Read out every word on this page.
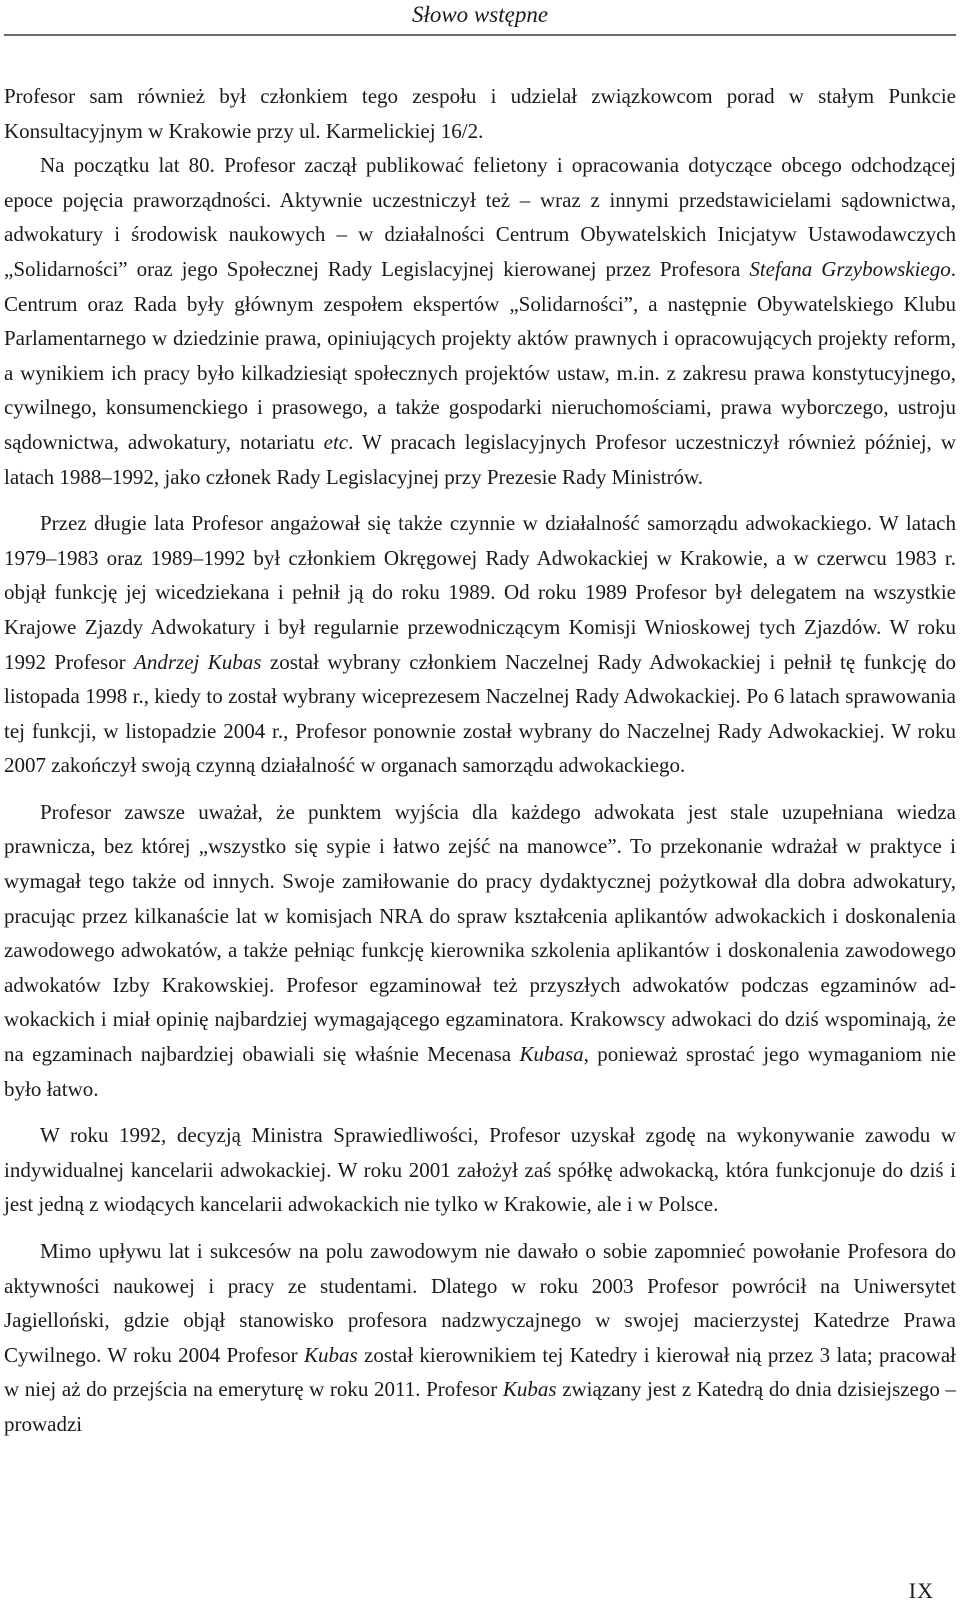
Słowo wstępne

Profesor sam również był członkiem tego zespołu i udzielał związkowcom porad w stałym Punkcie Konsultacyjnym w Krakowie przy ul. Karmelickiej 16/2.

Na początku lat 80. Profesor zaczął publikować felietony i opracowania dotyczące obcego odchodzącej epoce pojęcia praworządności. Aktywnie uczestniczył też – wraz z innymi przedstawicielami sądownictwa, adwokatury i środowisk naukowych – w działalności Centrum Obywatelskich Inicjatyw Ustawodawczych „Solidarności” oraz jego Społecznej Rady Legislacyjnej kierowanej przez Profesora Stefana Grzybowskiego. Centrum oraz Rada były głównym zespołem ekspertów „Solidarności”, a następnie Obywatelskiego Klubu Parlamentarnego w dziedzinie prawa, opiniujących projekty aktów prawnych i opracowujących projekty reform, a wynikiem ich pracy było kilkadziesiąt społecznych projektów ustaw, m.in. z zakresu prawa konstytucyjnego, cywilnego, konsumenckiego i prasowego, a także gospodarki nieruchomościami, prawa wyborczego, ustroju sądownictwa, adwokatury, notariatu etc. W pracach legislacyjnych Profesor uczestniczył również później, w latach 1988–1992, jako członek Rady Legislacyjnej przy Prezesie Rady Ministrów.

Przez długie lata Profesor angażował się także czynnie w działalność samorządu adwokackiego. W latach 1979–1983 oraz 1989–1992 był członkiem Okręgowej Rady Adwokackiej w Krakowie, a w czerwcu 1983 r. objął funkcję jej wicedziekana i pełnił ją do roku 1989. Od roku 1989 Profesor był delegatem na wszystkie Krajowe Zjazdy Adwokatury i był regularnie przewodniczącym Komisji Wnioskowej tych Zjazdów. W roku 1992 Profesor Andrzej Kubas został wybrany członkiem Naczelnej Rady Adwokackiej i pełnił tę funkcję do listopada 1998 r., kiedy to został wybrany wiceprezesem Naczelnej Rady Adwokackiej. Po 6 latach sprawowania tej funkcji, w listopadzie 2004 r., Profesor ponownie został wybrany do Naczelnej Rady Adwokackiej. W roku 2007 zakończył swoją czynną działalność w organach samorządu adwokackiego.

Profesor zawsze uważał, że punktem wyjścia dla każdego adwokata jest stale uzupełniana wiedza prawnicza, bez której „wszystko się sypie i łatwo zejść na manowce”. To przekonanie wdrażał w praktyce i wymagał tego także od innych. Swoje zamiłowanie do pracy dydaktycznej pożytkował dla dobra adwokatury, pracując przez kilkanaście lat w komisjach NRA do spraw kształcenia aplikantów adwokackich i doskonalenia zawodowego adwokatów, a także pełniąc funkcję kierownika szkolenia aplikantów i doskonalenia zawodowego adwokatów Izby Krakowskiej. Profesor egzaminował też przyszłych adwokatów podczas egzaminów adwokackich i miał opinię najbardziej wymagającego egzaminatora. Krakowscy adwokaci do dziś wspominają, że na egzaminach najbardziej obawiali się właśnie Mecenasa Kubasa, ponieważ sprostać jego wymaganiom nie było łatwo.

W roku 1992, decyzją Ministra Sprawiedliwości, Profesor uzyskał zgodę na wykonywanie zawodu w indywidualnej kancelarii adwokackiej. W roku 2001 założył zaś spółkę adwokacką, która funkcjonuje do dziś i jest jedną z wiodących kancelarii adwokackich nie tylko w Krakowie, ale i w Polsce.

Mimo upływu lat i sukcesów na polu zawodowym nie dawało o sobie zapomnieć powołanie Profesora do aktywności naukowej i pracy ze studentami. Dlatego w roku 2003 Profesor powrócił na Uniwersytet Jagielloński, gdzie objął stanowisko profesora nadzwyczajnego w swojej macierzystej Katedrze Prawa Cywilnego. W roku 2004 Profesor Kubas został kierownikiem tej Katedry i kierował nią przez 3 lata; pracował w niej aż do przejścia na emeryturę w roku 2011. Profesor Kubas związany jest z Katedrą do dnia dzisiejszego – prowadzi

IX
